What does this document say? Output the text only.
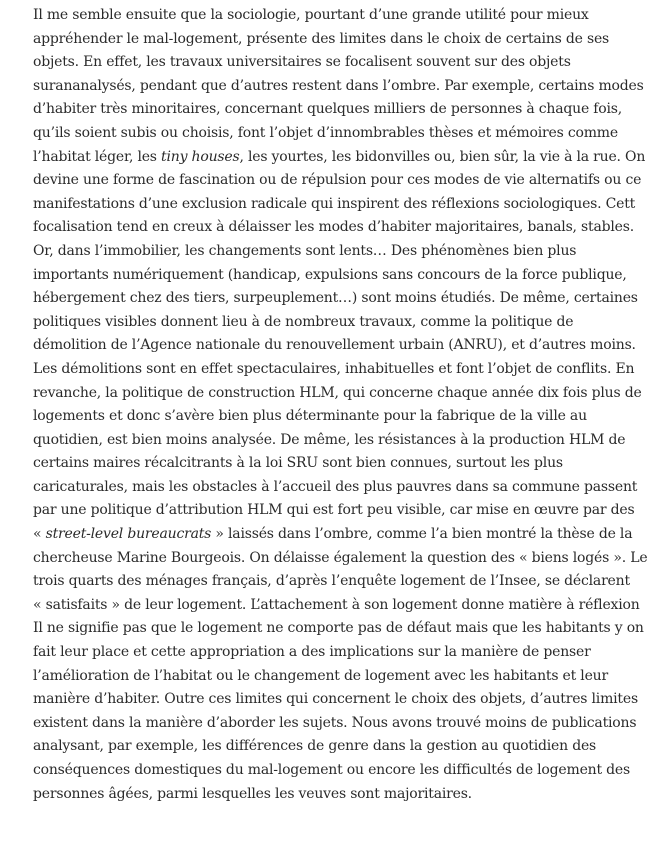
Il me semble ensuite que la sociologie, pourtant d’une grande utilité pour mieux
appréhender le mal-logement, présente des limites dans le choix de certains de ses
objets. En effet, les travaux universitaires se focalisent souvent sur des objets
surananalysés, pendant que d’autres restent dans l’ombre. Par exemple, certains modes
d’habiter très minoritaires, concernant quelques milliers de personnes à chaque fois,
qu’ils soient subis ou choisis, font l’objet d’innombrables thèses et mémoires comme
l’habitat léger, les tiny houses, les yourtes, les bidonvilles ou, bien sûr, la vie à la rue. On
devine une forme de fascination ou de répulsion pour ces modes de vie alternatifs ou ce
manifestations d’une exclusion radicale qui inspirent des réflexions sociologiques. Cett
focalisation tend en creux à délaisser les modes d’habiter majoritaires, banals, stables.
Or, dans l’immobilier, les changements sont lents… Des phénomènes bien plus
importants numériquement (handicap, expulsions sans concours de la force publique,
hébergement chez des tiers, surpeuplement…) sont moins étudiés. De même, certaines
politiques visibles donnent lieu à de nombreux travaux, comme la politique de
démolition de l’Agence nationale du renouvellement urbain (ANRU), et d’autres moins.
Les démolitions sont en effet spectaculaires, inhabituelles et font l’objet de conflits. En
revanche, la politique de construction HLM, qui concerne chaque année dix fois plus de
logements et donc s’avère bien plus déterminante pour la fabrique de la ville au
quotidien, est bien moins analysée. De même, les résistances à la production HLM de
certains maires récalcitrants à la loi SRU sont bien connues, surtout les plus
caricaturales, mais les obstacles à l’accueil des plus pauvres dans sa commune passent
par une politique d’attribution HLM qui est fort peu visible, car mise en œuvre par des
« street-level bureaucrats » laissés dans l’ombre, comme l’a bien montré la thèse de la
chercheuse Marine Bourgeois. On délaisse également la question des « biens logés ». Le
trois quarts des ménages français, d’après l’enquête logement de l’Insee, se déclarent
« satisfaits » de leur logement. L’attachement à son logement donne matière à réflexion
Il ne signifie pas que le logement ne comporte pas de défaut mais que les habitants y on
fait leur place et cette appropriation a des implications sur la manière de penser
l’amélioration de l’habitat ou le changement de logement avec les habitants et leur
manière d’habiter. Outre ces limites qui concernent le choix des objets, d’autres limites
existent dans la manière d’aborder les sujets. Nous avons trouvé moins de publications
analysant, par exemple, les différences de genre dans la gestion au quotidien des
conséquences domestiques du mal-logement ou encore les difficultés de logement des
personnes âgées, parmi lesquelles les veuves sont majoritaires.
